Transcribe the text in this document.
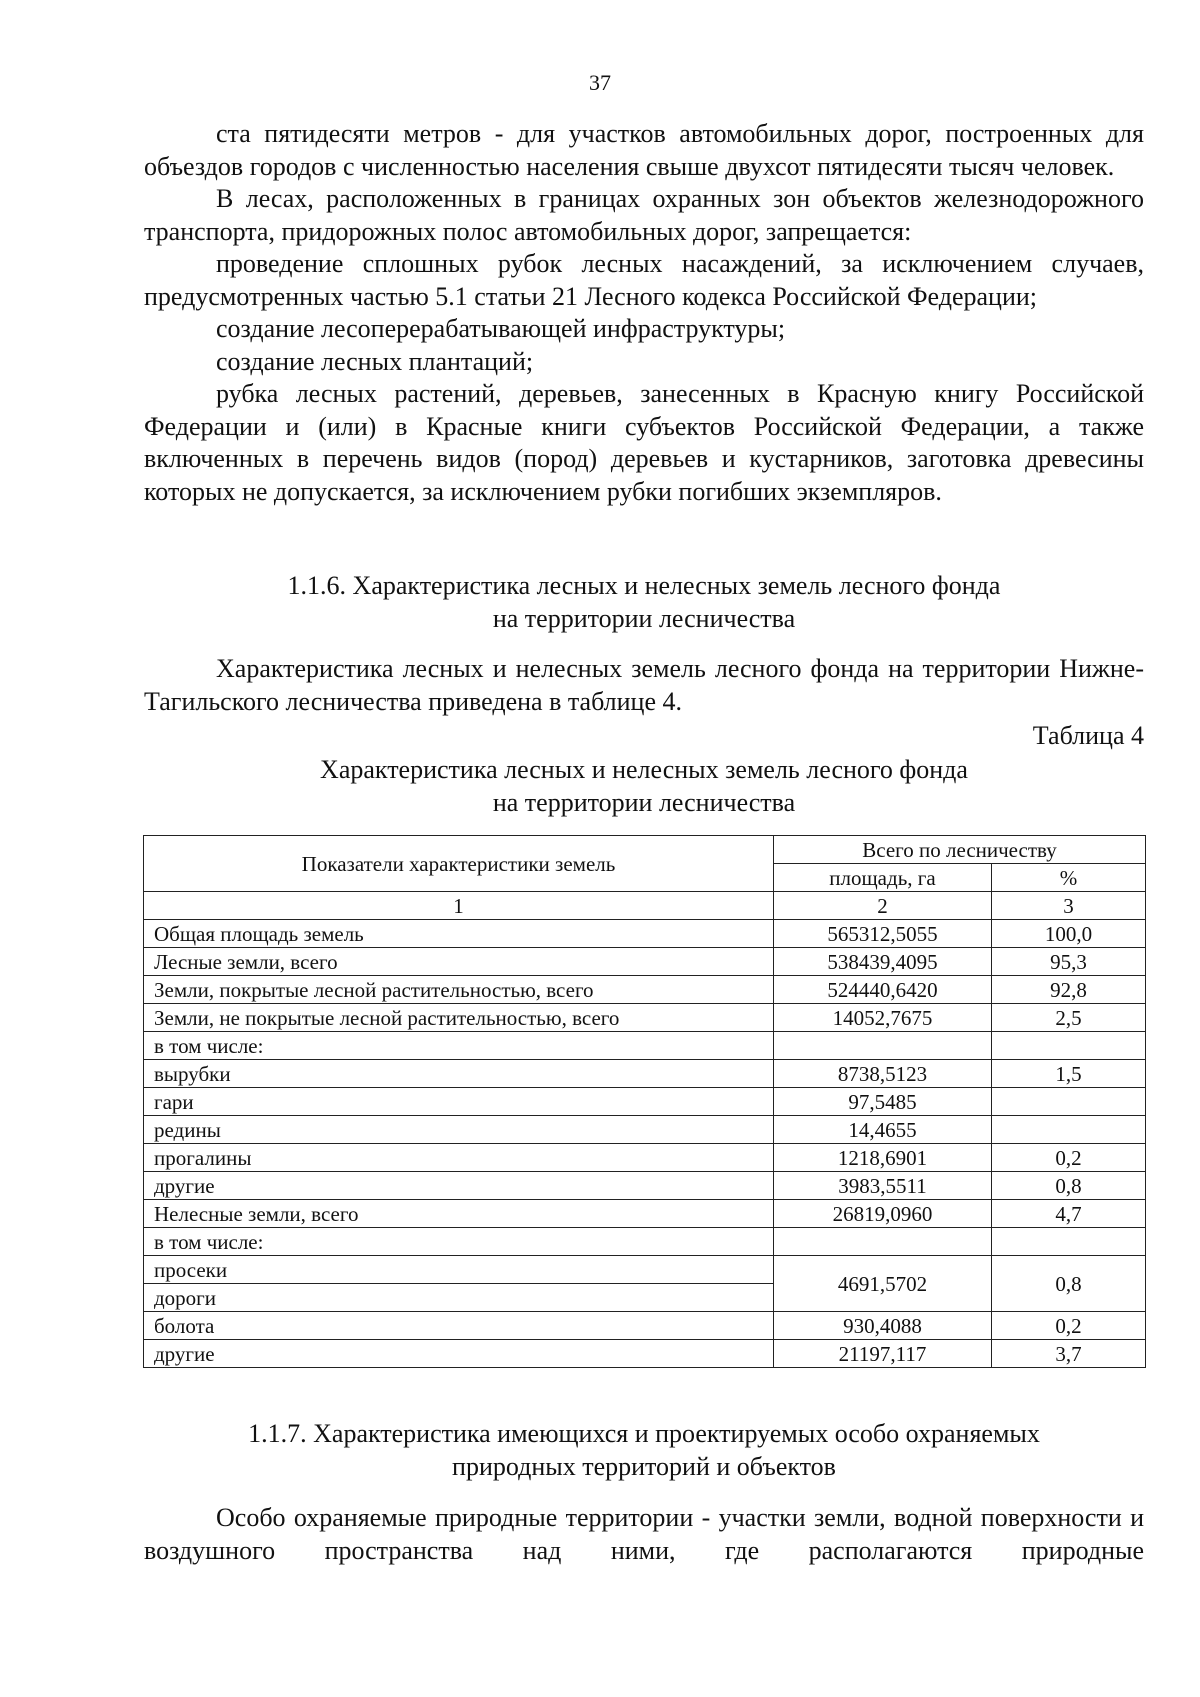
37

ста пятидесяти метров - для участков автомобильных дорог, построенных для объездов городов с численностью населения свыше двухсот пятидесяти тысяч человек.

В лесах, расположенных в границах охранных зон объектов железнодорожного транспорта, придорожных полос автомобильных дорог, запрещается:

проведение сплошных рубок лесных насаждений, за исключением случаев, предусмотренных частью 5.1 статьи 21 Лесного кодекса Российской Федерации;

создание лесоперерабатывающей инфраструктуры;

создание лесных плантаций;

рубка лесных растений, деревьев, занесенных в Красную книгу Российской Федерации и (или) в Красные книги субъектов Российской Федерации, а также включенных в перечень видов (пород) деревьев и кустарников, заготовка древесины которых не допускается, за исключением рубки погибших экземпляров.

1.1.6. Характеристика лесных и нелесных земель лесного фонда
на территории лесничества

Характеристика лесных и нелесных земель лесного фонда на территории Нижне-Тагильского лесничества приведена в таблице 4.

Таблица 4
Характеристика лесных и нелесных земель лесного фонда
на территории лесничества
Показатели характеристики земель	Всего по лесничеству	
	площадь, га	%
1	2	3
Общая площадь земель	565312,5055	100,0
Лесные земли, всего	538439,4095	95,3
Земли, покрытые лесной растительностью, всего	524440,6420	92,8
Земли, не покрытые лесной растительностью, всего	14052,7675	2,5
в том числе:		
вырубки	8738,5123	1,5
гари	97,5485	
редины	14,4655	
прогалины	1218,6901	0,2
другие	3983,5511	0,8
Нелесные земли, всего	26819,0960	4,7
в том числе:		
просеки	4691,5702	0,8
дороги		
болота	930,4088	0,2
другие	21197,117	3,7
1.1.7. Характеристика имеющихся и проектируемых особо охраняемых
природных территорий и объектов

Особо охраняемые природные территории - участки земли, водной поверхности и воздушного пространства над ними, где располагаются природные
